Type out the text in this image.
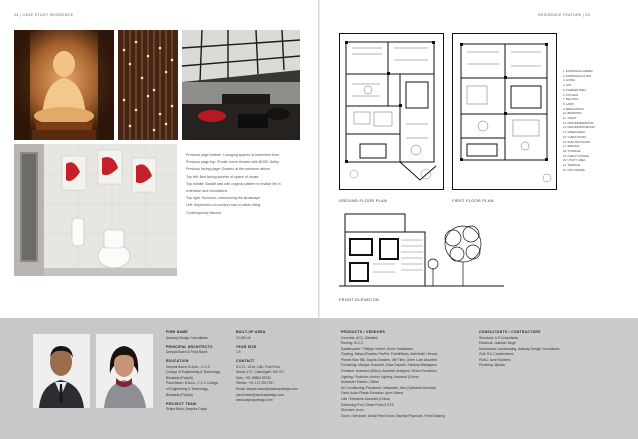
34 | CASE STUDY RESIDENCE	RESIDENCE FEATURE | 35

Previous page bottom: Lounging spaces of basement floor

Previous page top: Private home theatre with BOSE Dolby

Previous facing page: Gazebo at the entrance atrium

Top left: Bed facing sunrise of space of house

Top middle: Backlit wall with organic pattern to enable life in

extension and circulations

Top right: Sunroom, overlooking the landscape

Left: Impression of country-road or urban living

Contemporary fixtures

GROUND FLOOR PLAN	FIRST FLOOR PLAN
FRONT ELEVATION
1. ENTRANCE GAZEBO
2. ENTRANCE FOYER
3. LIVING
4. LIFT
5. POWDER AREA
6. KITCHEN
7. BALCONY
8. LAWN
9. MEDIA ROOM
10. BEDROOM
11. TOILET
12. MASTER BEDROOM
13. MASTER BATHROOM
14. GREEN AREA
15. GUEST ROOM
16. ELECTRIC ROOM
17. SERVICE
18. STORAGE
19. FAMILY LOUNGE
20. UTILITY AREA
21. TERRACE
22. DOG KENNEL
FIRM NAME
Aashray Design Consultants
PRINCIPAL ARCHITECTS
Deepak Bawri & Parul Bawri
EDUCATION
Deepak Bawri: B.Arch., C.C.S
College of Engineering & Technology,
Bhalawla (Punjab)
Parul Bawri: B.Arch., C.C.S College
of Engineering & Technology,
Bhalawla (Punjab)
PROJECT TEAM
Shilpa Bisht, Deepika Goyal
BUILT-UP AREA
12,000 sft
YEAR SIZE
1.5
CONTACT
S.C.O.: 1416, 14th, First Floor
Sector 17C, Chandigarh 160 017
Mob.: +91 99884 05750
Telefax: +91 172 3917157
Email: deepak.bawri@aashraydesign.com
parul.bawri@aashraydesign.com
www.aashraydesign.com
PRODUCTS / VENDORS
Concrete: ACC, Ultratech
Roofing: B.O.C
Sanitaryware / Fittings: Kohler, Grohe Sanitations
Flooring: Italian (Rosalia, PavPet, Portolliflora), Wall finish | Brown,
Planed Wax Silk, Dapha Granites, Vile Tiles, Greer Luxe Assorted
Furnishing: Marque, Assorted, Essa Carpets, Sanitary Wallpapers
Furniture: Assorted (Gilton), Assorted designed, Vision Furnishers
Lighting / Switches: Ambor Lighting, Assorted (China)
Schneider Electric, Clifton
Air Conditioning: Panasonic, Mitsubishi, Aire (Optimized Mumbai)
Paint: Asian Plastic Emulsion, Apex Ultima
Lifts / Elevators: Assorted (China)
Swimming Pool: Smart Pools & ETA
Structure: Acon
Doors / Windows: Jindal Paint Doors, Barelay Plywoods, Fixed Glazing
CONSULTANTS / CONTRACTORS
Structural: A.P.Consultants
Electrical: Jasinder Singh
Mechanical: Landscaping: Aashray Design Consultants
Civil: R.K.Constructions
HVAC: Aone Systems
Plumbing: Mjinder
